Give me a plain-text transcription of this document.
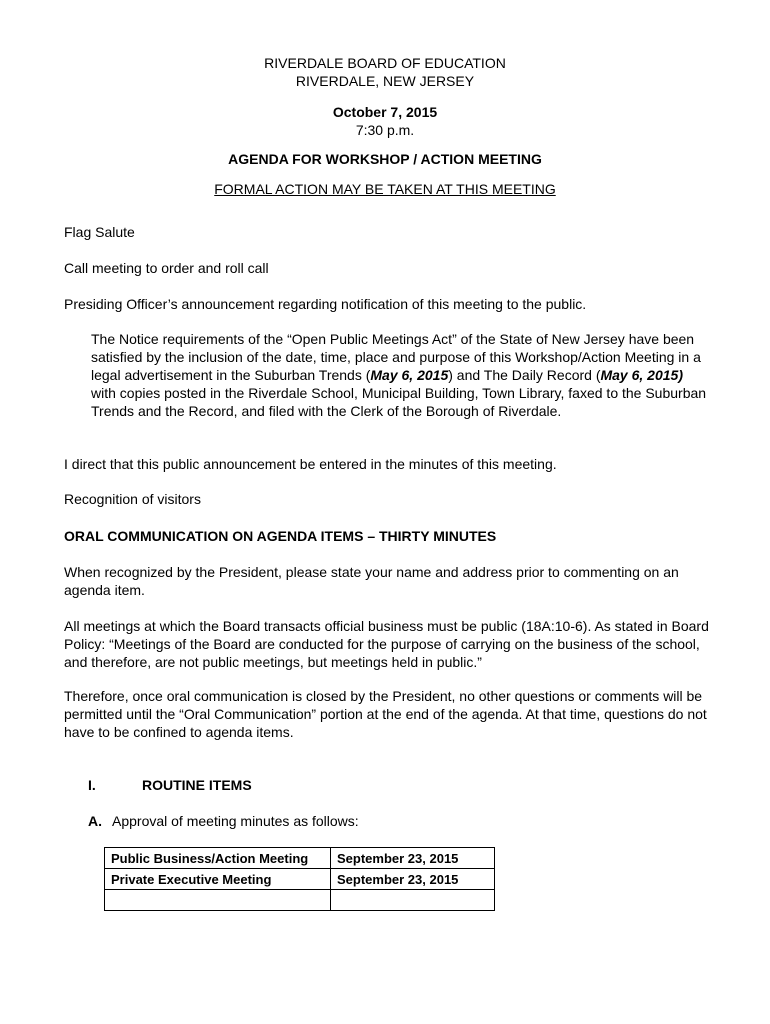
RIVERDALE BOARD OF EDUCATION
RIVERDALE, NEW JERSEY
October 7, 2015
7:30 p.m.
AGENDA FOR WORKSHOP / ACTION MEETING
FORMAL ACTION MAY BE TAKEN AT THIS MEETING
Flag Salute
Call meeting to order and roll call
Presiding Officer’s announcement regarding notification of this meeting to the public.
The Notice requirements of the “Open Public Meetings Act” of the State of New Jersey have been satisfied by the inclusion of the date, time, place and purpose of this Workshop/Action Meeting in a legal advertisement in the Suburban Trends (May 6, 2015) and The Daily Record (May 6, 2015) with copies posted in the Riverdale School, Municipal Building, Town Library, faxed to the Suburban Trends and the Record, and filed with the Clerk of the Borough of Riverdale.
I direct that this public announcement be entered in the minutes of this meeting.
Recognition of visitors
ORAL COMMUNICATION ON AGENDA ITEMS – THIRTY MINUTES
When recognized by the President, please state your name and address prior to commenting on an agenda item.
All meetings at which the Board transacts official business must be public (18A:10-6). As stated in Board Policy: “Meetings of the Board are conducted for the purpose of carrying on the business of the school, and therefore, are not public meetings, but meetings held in public.”
Therefore, once oral communication is closed by the President, no other questions or comments will be permitted until the “Oral Communication” portion at the end of the agenda. At that time, questions do not have to be confined to agenda items.
I.	ROUTINE ITEMS
A. Approval of meeting minutes as follows:
Public Business/Action Meeting	September 23, 2015
Private Executive Meeting	September 23, 2015
